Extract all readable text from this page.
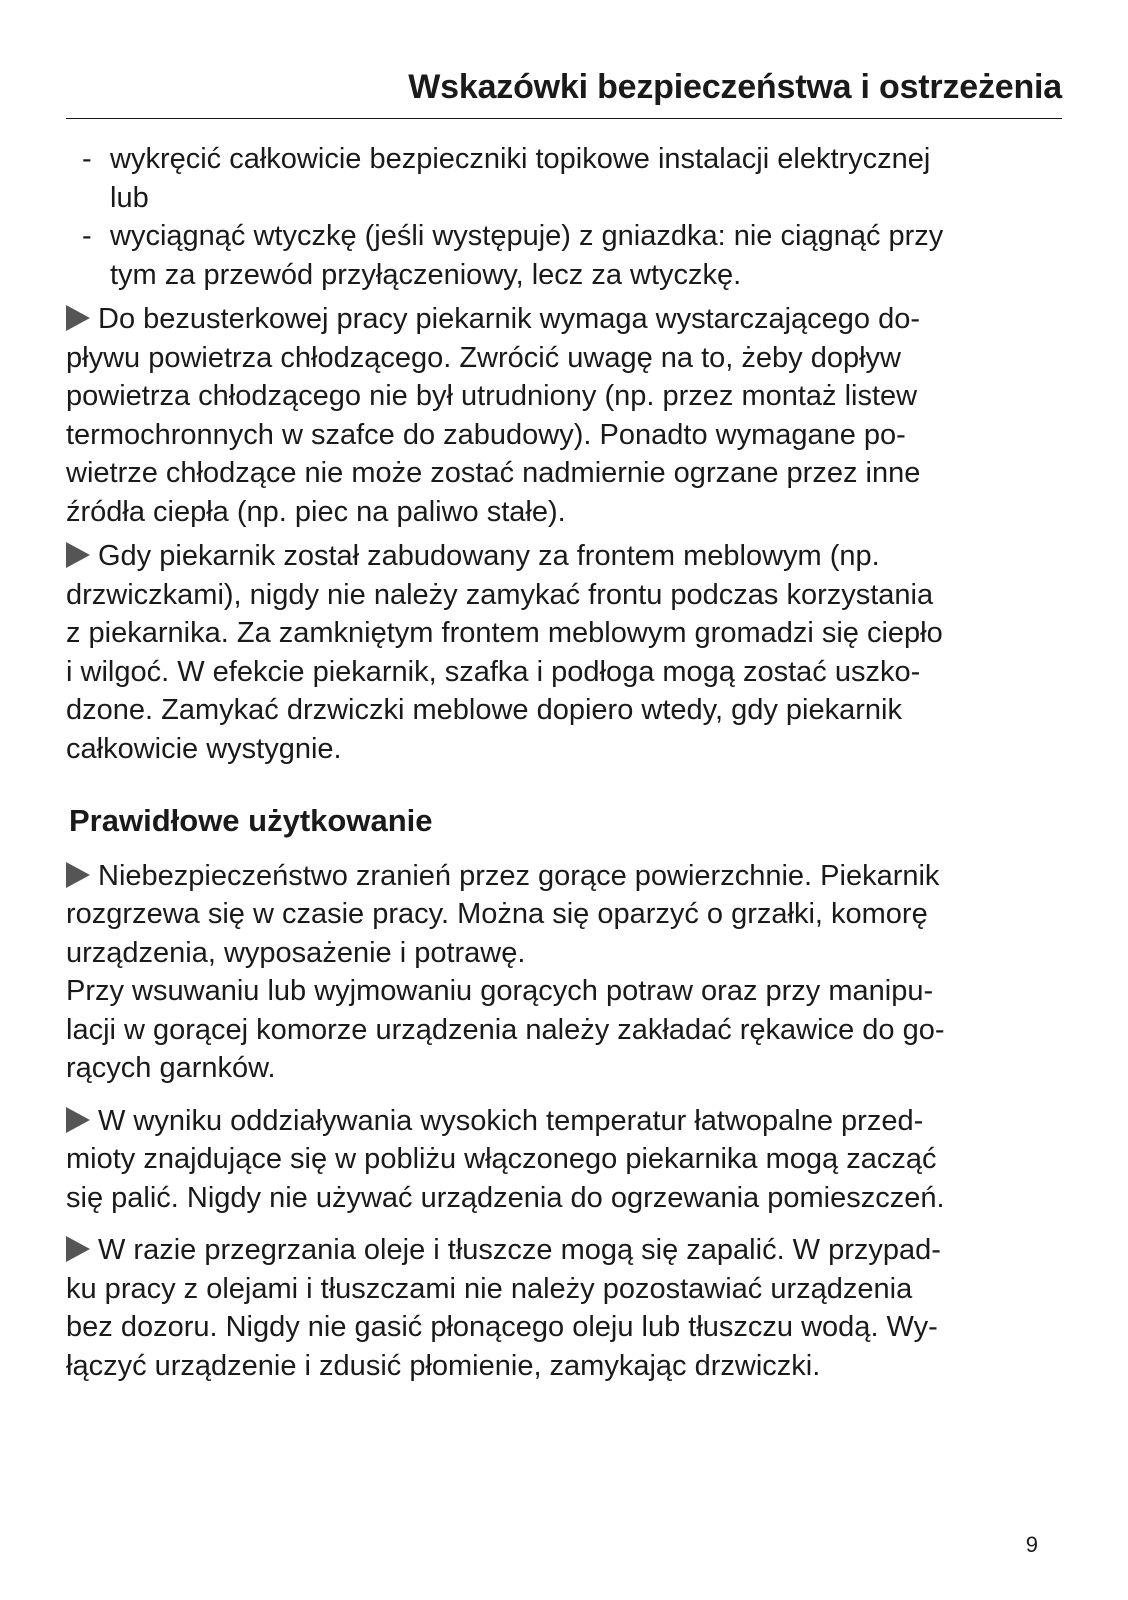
Wskazówki bezpieczeństwa i ostrzeżenia
- wykręcić całkowicie bezpieczniki topikowe instalacji elektrycznej
lub
- wyciągnąć wtyczkę (jeśli występuje) z gniazdka: nie ciągnąć przy
tym za przewód przyłączeniowy, lecz za wtyczkę.
Do bezusterkowej pracy piekarnik wymaga wystarczającego do-
pływu powietrza chłodzącego. Zwrócić uwagę na to, żeby dopływ
powietrza chłodzącego nie był utrudniony (np. przez montaż listew
termochronnych w szafce do zabudowy). Ponadto wymagane po-
wietrze chłodzące nie może zostać nadmiernie ogrzane przez inne
źródła ciepła (np. piec na paliwo stałe).
Gdy piekarnik został zabudowany za frontem meblowym (np.
drzwiczkami), nigdy nie należy zamykać frontu podczas korzystania
z piekarnika. Za zamkniętym frontem meblowym gromadzi się ciepło
i wilgoć. W efekcie piekarnik, szafka i podłoga mogą zostać uszko-
dzone. Zamykać drzwiczki meblowe dopiero wtedy, gdy piekarnik
całkowicie wystygnie.
Prawidłowe użytkowanie
Niebezpieczeństwo zranień przez gorące powierzchnie. Piekarnik
rozgrzewa się w czasie pracy. Można się oparzyć o grzałki, komorę
urządzenia, wyposażenie i potrawę.
Przy wsuwaniu lub wyjmowaniu gorących potraw oraz przy manipu-
lacji w gorącej komorze urządzenia należy zakładać rękawice do go-
rących garnków.
W wyniku oddziaływania wysokich temperatur łatwopalne przed-
mioty znajdujące się w pobliżu włączonego piekarnika mogą zacząć
się palić. Nigdy nie używać urządzenia do ogrzewania pomieszczeń.
W razie przegrzania oleje i tłuszcze mogą się zapalić. W przypad-
ku pracy z olejami i tłuszczami nie należy pozostawiać urządzenia
bez dozoru. Nigdy nie gasić płonącego oleju lub tłuszczu wodą. Wy-
łączyć urządzenie i zdusić płomienie, zamykając drzwiczki.
9
